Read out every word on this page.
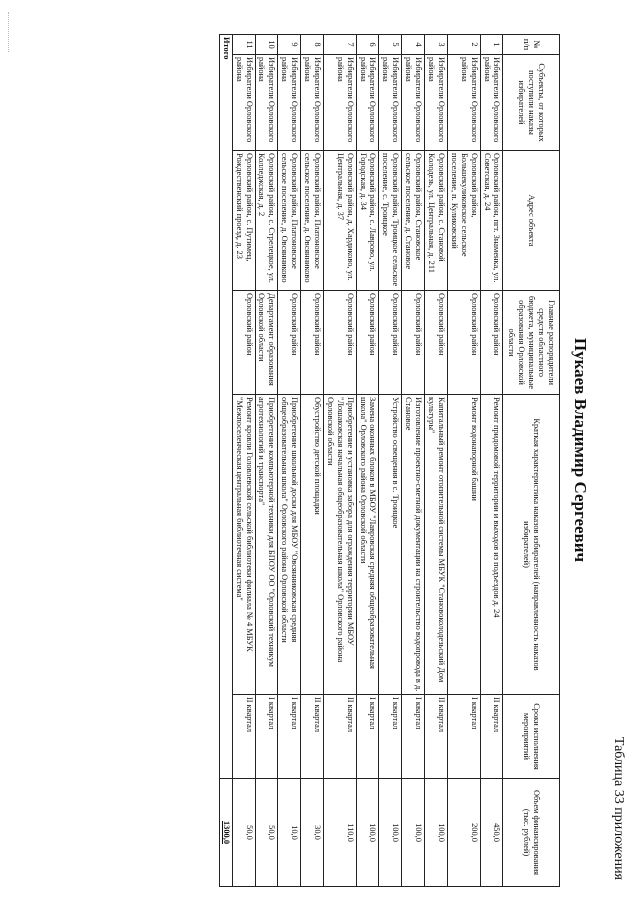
Таблица 33 приложения
Пукаев Владимир Сергеевич
№ п/п	Субъекты, от которых поступили наказы избирателей	Адрес объекта	Главные распорядители средств областного бюджета, муниципальные образования Орловской области	Краткая характеристика наказов избирателей (направленность наказов избирателей)	Сроки исполнения мероприятий	Объем финансирования (тыс. рублей)
1	Избиратели Орловского района	Орловский район, пгт. Знаменка, ул. Советская, д. 24	Орловский район	Ремонт придомовой территории и выходов из подъездов д. 24	II квартал	450,0
2	Избиратели Орловского района	Орловский район, Большекуликовское сельское поселение, п. Куликовский	Орловский район	Ремонт водонапорной башни	I квартал	200,0
3	Избиратели Орловского района	Орловский район, с. Становой Колодезь, ул. Центральная, д. 211	Орловский район	Капитальный ремонт отопительной системы МБУК "Становоколодезьский Дом культуры"	II квартал	100,0
4	Избиратели Орловского района	Орловский район, Становское сельское поселение, д. Становое	Орловский район	Изготовление проектно-сметной документации на строительство водопровода в д. Становое	I квартал	100,0
5	Избиратели Орловского района	Орловский район, Троицкое сельское поселение, с. Троицкое	Орловский район	Устройство освещения в с. Троицкое	I квартал	100,0
6	Избиратели Орловского района	Орловский район, с. Лаврово, ул. Городская, д. 34	Орловский район	Замена оконных блоков в МБОУ "Лавровская средняя общеобразовательная школа" Орловского района Орловской области	I квартал	100,0
7	Избиратели Орловского района	Орловский район, д. Хардиково, ул. Центральная, д. 37	Орловский район	Приобретение и установка забора для ограждения территории МБОУ "Лошаковская начальная общеобразовательная школа" Орловского района Орловской области	II квартал	110,0
8	Избиратели Орловского района	Орловский район, Платоновское сельское поселение, д. Овсянниково	Орловский район	Обустройство детской площадки	II квартал	30,0
9	Избиратели Орловского района	Орловский район, Платоновское сельское поселение, д. Овсянниково	Орловский район	Приобретение школьной доски для МБОУ "Овсянниковская средняя общеобразовательная школа" Орловского района Орловской области	I квартал	10,0
10	Избиратели Орловского района	Орловский район, с. Стрелецкое, ул. Колледжская, д. 2	Департамент образования Орловской области	Приобретение компьютерной техники для БПОУ ОО "Орловский техникум агротехнологий и транспорта"	I квартал	50,0
11	Избиратели Орловского района	Орловский район, с. Путимец, Рождественский проезд, д. 23	Орловский район	Ремонт кровли Головлевской сельской библиотеки филиала № 4 МБУК "Межпоселенческая центральная библиотечная система"	II квартал	50,0
Итого						1300,0
